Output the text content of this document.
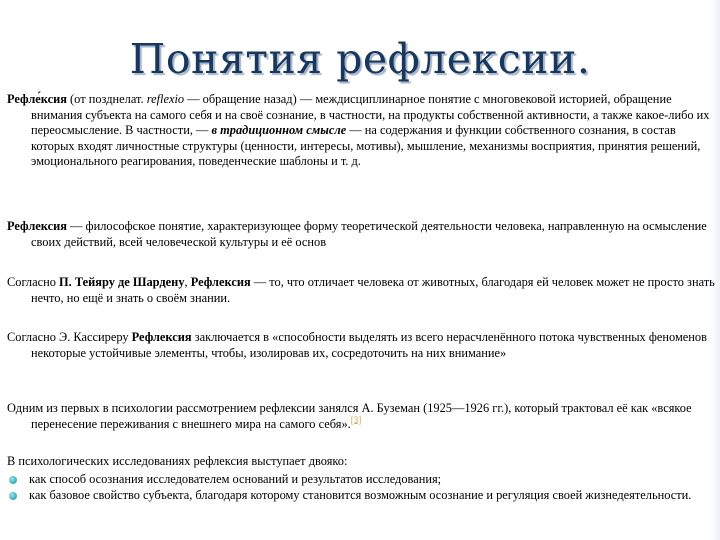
Понятия рефлексии.

Рефле́ксия (от позднелат. reflexio — обращение назад) — междисциплинарное понятие с многовековой историей, обращение внимания субъекта на самого себя и на своё сознание, в частности, на продукты собственной активности, а также какое-либо их переосмысление. В частности, — в традиционном смысле — на содержания и функции собственного сознания, в состав которых входят личностные структуры (ценности, интересы, мотивы), мышление, механизмы восприятия, принятия решений, эмоционального реагирования, поведенческие шаблоны и т. д.

Рефлексия — философское понятие, характеризующее форму теоретической деятельности человека, направленную на осмысление своих действий, всей человеческой культуры и её основ

Согласно П. Тейяру де Шардену, Рефлексия — то, что отличает человека от животных, благодаря ей человек может не просто знать нечто, но ещё и знать о своём знании.

Согласно Э. Кассиреру Рефлексия заключается в «способности выделять из всего нерасчленённого потока чувственных феноменов некоторые устойчивые элементы, чтобы, изолировав их, сосредоточить на них внимание»

Одним из первых в психологии рассмотрением рефлексии занялся А. Буземан (1925—1926 гг.), который трактовал её как «всякое перенесение переживания с внешнего мира на самого себя».[3]

В психологических исследованиях рефлексия выступает двояко:

как способ осознания исследователем оснований и результатов исследования;
как базовое свойство субъекта, благодаря которому становится возможным осознание и регуляция своей жизнедеятельности.
